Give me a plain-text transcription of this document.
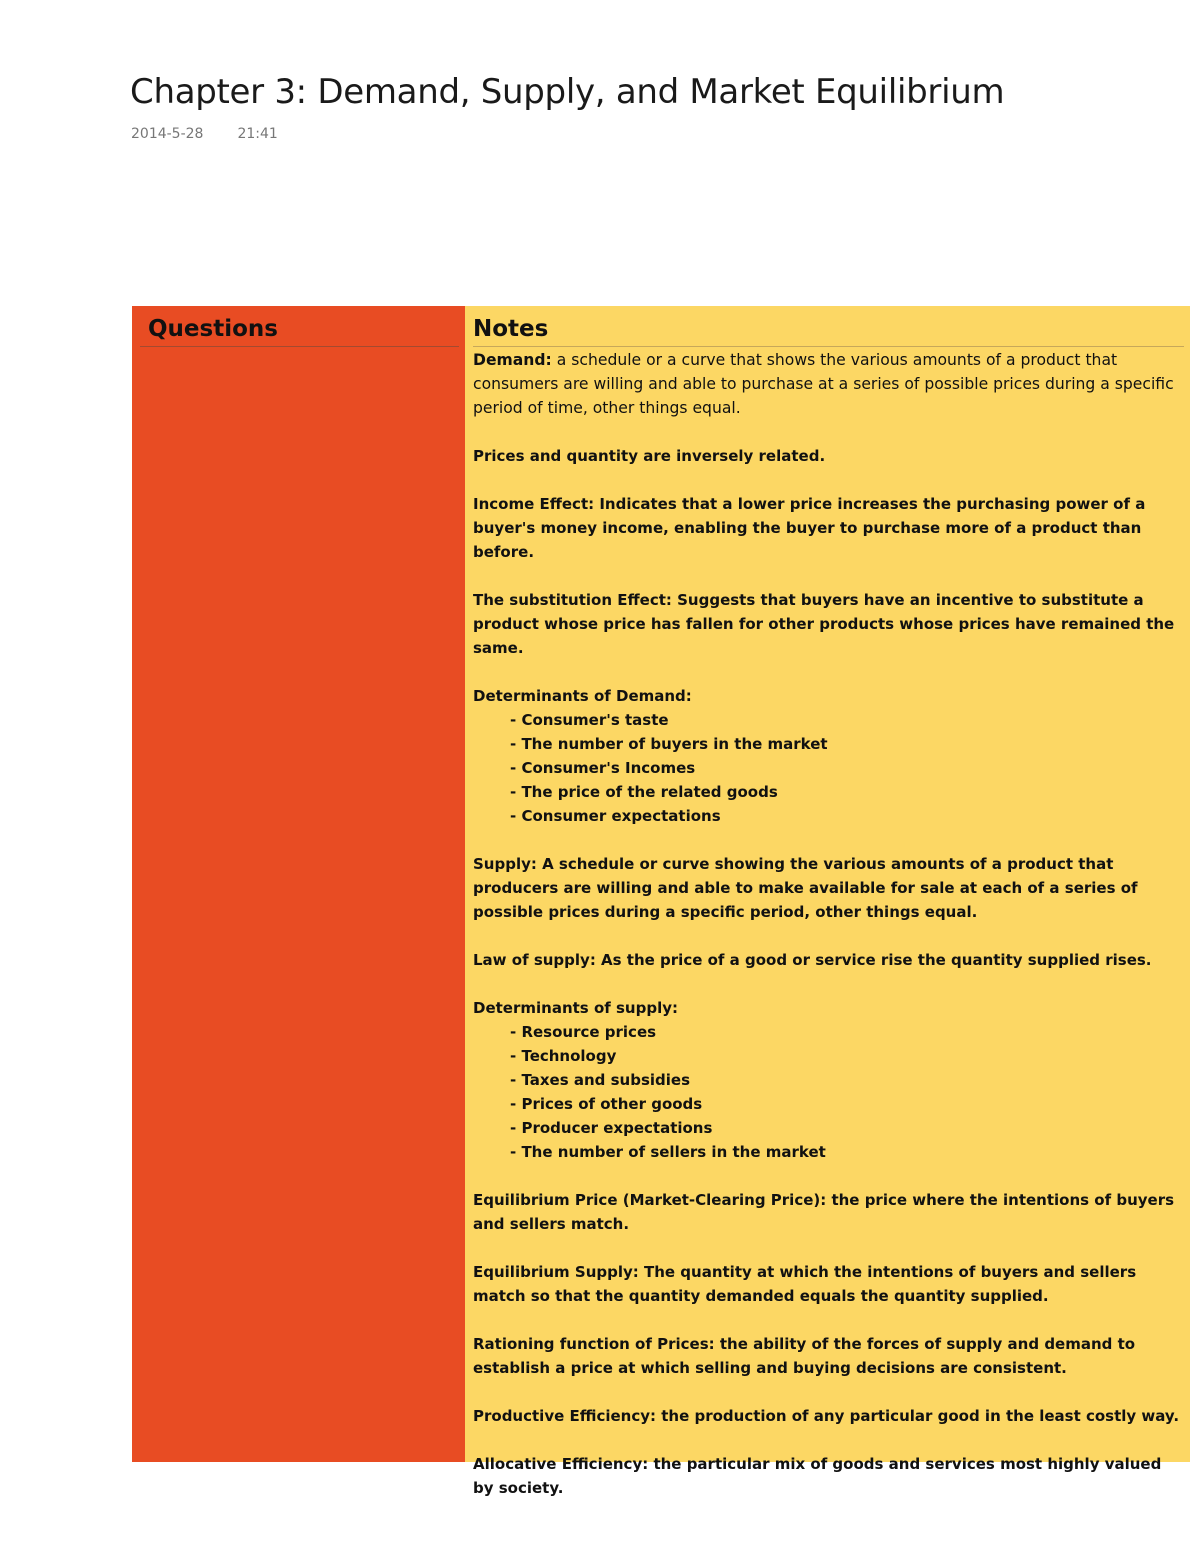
Chapter 3: Demand, Supply, and Market Equilibrium
2014-5-28 21:41
Questions	Notes

Demand: a schedule or a curve that shows the various amounts of a product that consumers are willing and able to purchase at a series of possible prices during a specific period of time, other things equal.

Prices and quantity are inversely related.

Income Effect: Indicates that a lower price increases the purchasing power of a buyer's money income, enabling the buyer to purchase more of a product than before.

The substitution Effect: Suggests that buyers have an incentive to substitute a product whose price has fallen for other products whose prices have remained the same.

Determinants of Demand:

- Consumer's taste
- The number of buyers in the market
- Consumer's Incomes
- The price of the related goods
- Consumer expectations

Supply: A schedule or curve showing the various amounts of a product that producers are willing and able to make available for sale at each of a series of possible prices during a specific period, other things equal.

Law of supply: As the price of a good or service rise the quantity supplied rises.

Determinants of supply:

- Resource prices
- Technology
- Taxes and subsidies
- Prices of other goods
- Producer expectations
- The number of sellers in the market

Equilibrium Price (Market-Clearing Price): the price where the intentions of buyers and sellers match.

Equilibrium Supply: The quantity at which the intentions of buyers and sellers match so that the quantity demanded equals the quantity supplied.

Rationing function of Prices: the ability of the forces of supply and demand to establish a price at which selling and buying decisions are consistent.

Productive Efficiency: the production of any particular good in the least costly way.

Allocative Efficiency: the particular mix of goods and services most highly valued by society.
